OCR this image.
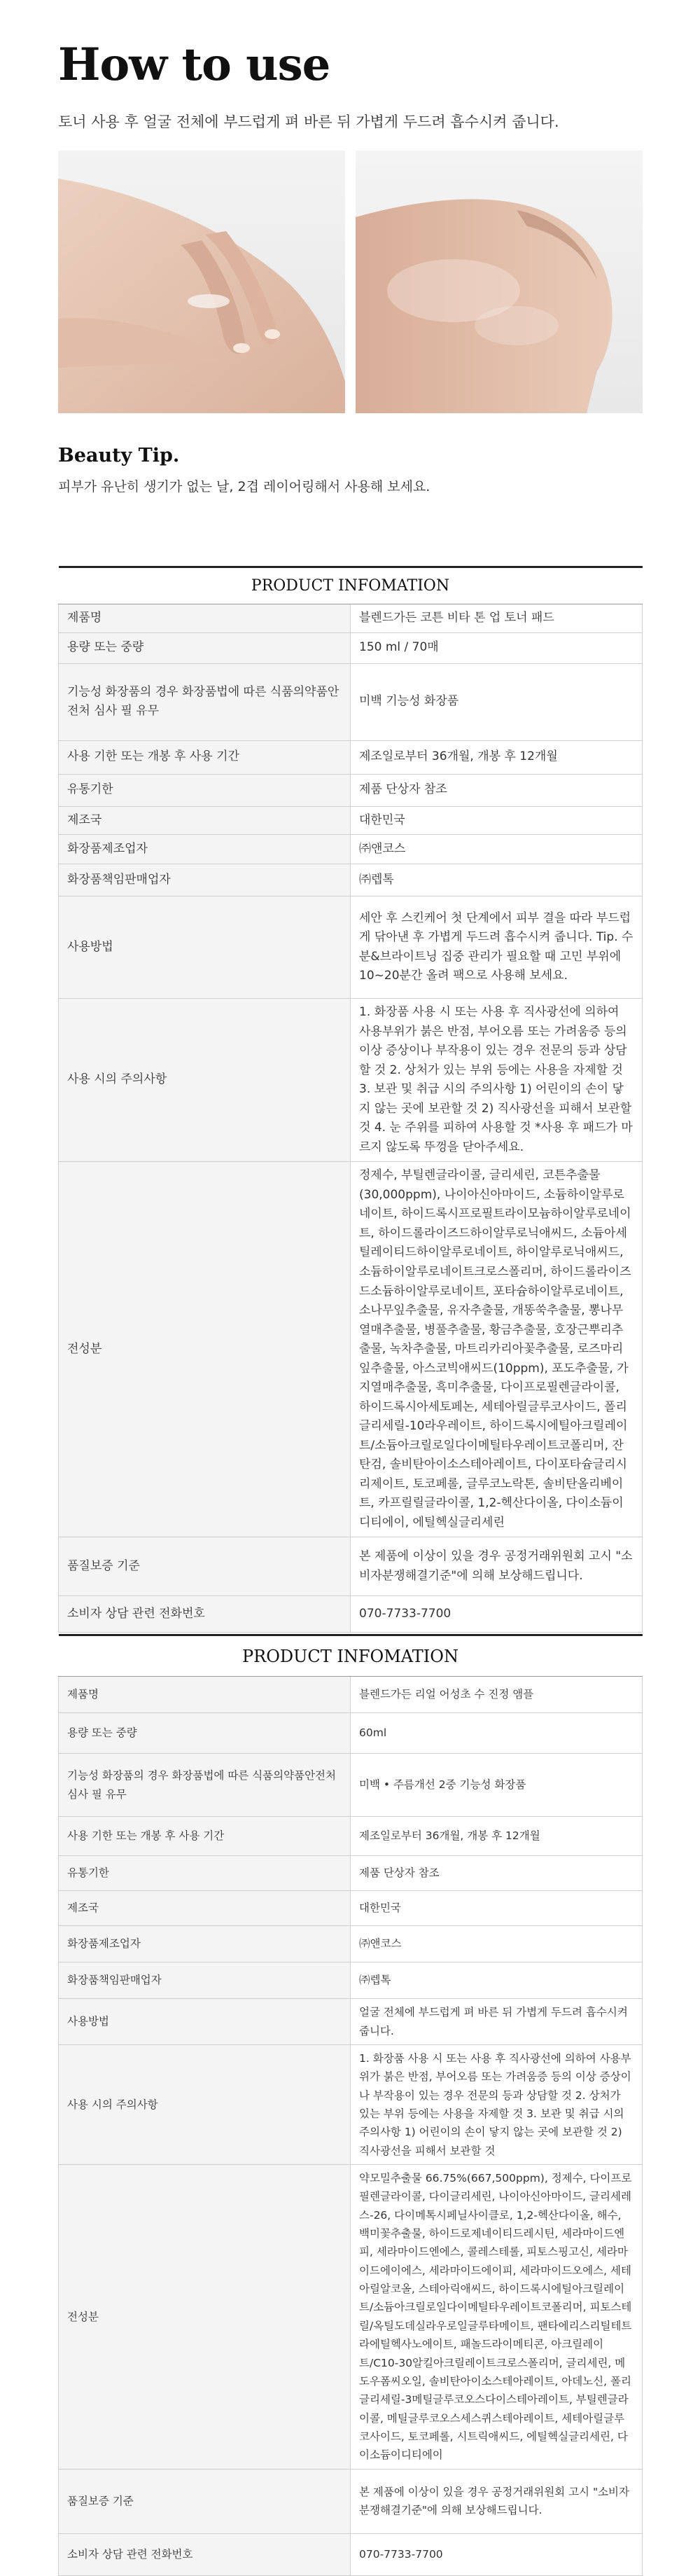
How to use

토너 사용 후 얼굴 전체에 부드럽게 펴 바른 뒤 가볍게 두드려 흡수시켜 줍니다.

Beauty Tip.

피부가 유난히 생기가 없는 날, 2겹 레이어링해서 사용해 보세요.

PRODUCT INFOMATION	
제품명	블렌드가든 코튼 비타 톤 업 토너 패드
용량 또는 중량	150 ml / 70매
기능성 화장품의 경우 화장품법에 따른 식품의약품안전처 심사 필 유무	미백 기능성 화장품
사용 기한 또는 개봉 후 사용 기간	제조일로부터 36개월, 개봉 후 12개월
유통기한	제품 단상자 참조
제조국	대한민국
화장품제조업자	㈜앤코스
화장품책임판매업자	㈜렙톡
사용방법	세안 후 스킨케어 첫 단계에서 피부 결을 따라 부드럽게 닦아낸 후 가볍게 두드려 흡수시켜 줍니다. Tip. 수분&브라이트닝 집중 관리가 필요할 때 고민 부위에 10~20분간 올려 팩으로 사용해 보세요.
사용 시의 주의사항	1. 화장품 사용 시 또는 사용 후 직사광선에 의하여 사용부위가 붉은 반점, 부어오름 또는 가려움증 등의 이상 증상이나 부작용이 있는 경우 전문의 등과 상담할 것 2. 상처가 있는 부위 등에는 사용을 자제할 것 3. 보관 및 취급 시의 주의사항 1) 어린이의 손이 닿지 않는 곳에 보관할 것 2) 직사광선을 피해서 보관할 것 4. 눈 주위를 피하여 사용할 것 *사용 후 패드가 마르지 않도록 뚜껑을 닫아주세요.
전성분	정제수, 부틸렌글라이콜, 글리세린, 코튼추출물(30,000ppm), 나이아신아마이드, 소듐하이알루로네이트, 하이드록시프로필트라이모늄하이알루로네이트, 하이드롤라이즈드하이알루로닉애씨드, 소듐아세틸레이티드하이알루로네이트, 하이알루로닉애씨드, 소듐하이알루로네이트크로스폴리머, 하이드롤라이즈드소듐하이알루로네이트, 포타슘하이알루로네이트, 소나무잎추출물, 유자추출물, 개똥쑥추출물, 뽕나무열매추출물, 병풀추출물, 황금추출물, 호장근뿌리추출물, 녹차추출물, 마트리카리아꽃추출물, 로즈마리잎추출물, 아스코빅애씨드(10ppm), 포도추출물, 가지열매추출물, 흑미추출물, 다이프로필렌글라이콜, 하이드록시아세토페논, 세테아릴글루코사이드, 폴리글리세릴-10라우레이트, 하이드록시에틸아크릴레이트/소듐아크릴로일다이메틸타우레이트코폴리머, 잔탄검, 솔비탄아이소스테아레이트, 다이포타슘글리시리제이트, 토코페롤, 글루코노락톤, 솔비탄올리베이트, 카프릴릴글라이콜, 1,2-헥산다이올, 다이소듐이디티에이, 에틸헥실글리세린
품질보증 기준	본 제품에 이상이 있을 경우 공정거래위원회 고시 "소비자분쟁해결기준"에 의해 보상해드립니다.
소비자 상담 관련 전화번호	070-7733-7700
PRODUCT INFOMATION	
제품명	블렌드가든 리얼 어성초 수 진정 앰플
용량 또는 중량	60ml
기능성 화장품의 경우 화장품법에 따른 식품의약품안전처 심사 필 유무	미백 • 주름개선 2중 기능성 화장품
사용 기한 또는 개봉 후 사용 기간	제조일로부터 36개월, 개봉 후 12개월
유통기한	제품 단상자 참조
제조국	대한민국
화장품제조업자	㈜앤코스
화장품책임판매업자	㈜렙톡
사용방법	얼굴 전체에 부드럽게 펴 바른 뒤 가볍게 두드려 흡수시켜 줍니다.
사용 시의 주의사항	1. 화장품 사용 시 또는 사용 후 직사광선에 의하여 사용부위가 붉은 반점, 부어오름 또는 가려움증 등의 이상 증상이나 부작용이 있는 경우 전문의 등과 상담할 것 2. 상처가 있는 부위 등에는 사용을 자제할 것 3. 보관 및 취급 시의 주의사항 1) 어린이의 손이 닿지 않는 곳에 보관할 것 2) 직사광선을 피해서 보관할 것
전성분	약모밀추출물 66.75%(667,500ppm), 정제수, 다이프로필렌글라이콜, 다이글리세린, 나이아신아마이드, 글리세레스-26, 다이메톡시페닐사이클로, 1,2-헥산다이올, 해수, 백미꽃추출물, 하이드로제네이티드레시틴, 세라마이드엔피, 세라마이드엔에스, 콜레스테롤, 피토스핑고신, 세라마이드에이에스, 세라마이드에이피, 세라마이드오에스, 세테아릴알코올, 스테아릭애씨드, 하이드록시에틸아크릴레이트/소듐아크릴로일다이메틸타우레이트코폴리머, 피토스테릴/옥틸도데실라우로일글루타메이트, 팬타에리스리틸테트라에틸헥사노에이트, 패놀드라이메티콘, 아크릴레이트/C10-30알킬아크릴레이트크로스폴리머, 글리세린, 메도우폼씨오일, 솔비탄아이소스테아레이트, 아데노신, 폴리글리세릴-3메틸글루코오스다이스테아레이트, 부틸렌글라이콜, 메틸글루코오스세스퀴스테아레이트, 세테아릴글루코사이드, 토코페롤, 시트릭애씨드, 에틸헥실글리세린, 다이소듐이디티에이
품질보증 기준	본 제품에 이상이 있을 경우 공정거래위원회 고시 "소비자분쟁해결기준"에 의해 보상해드립니다.
소비자 상담 관련 전화번호	070-7733-7700
